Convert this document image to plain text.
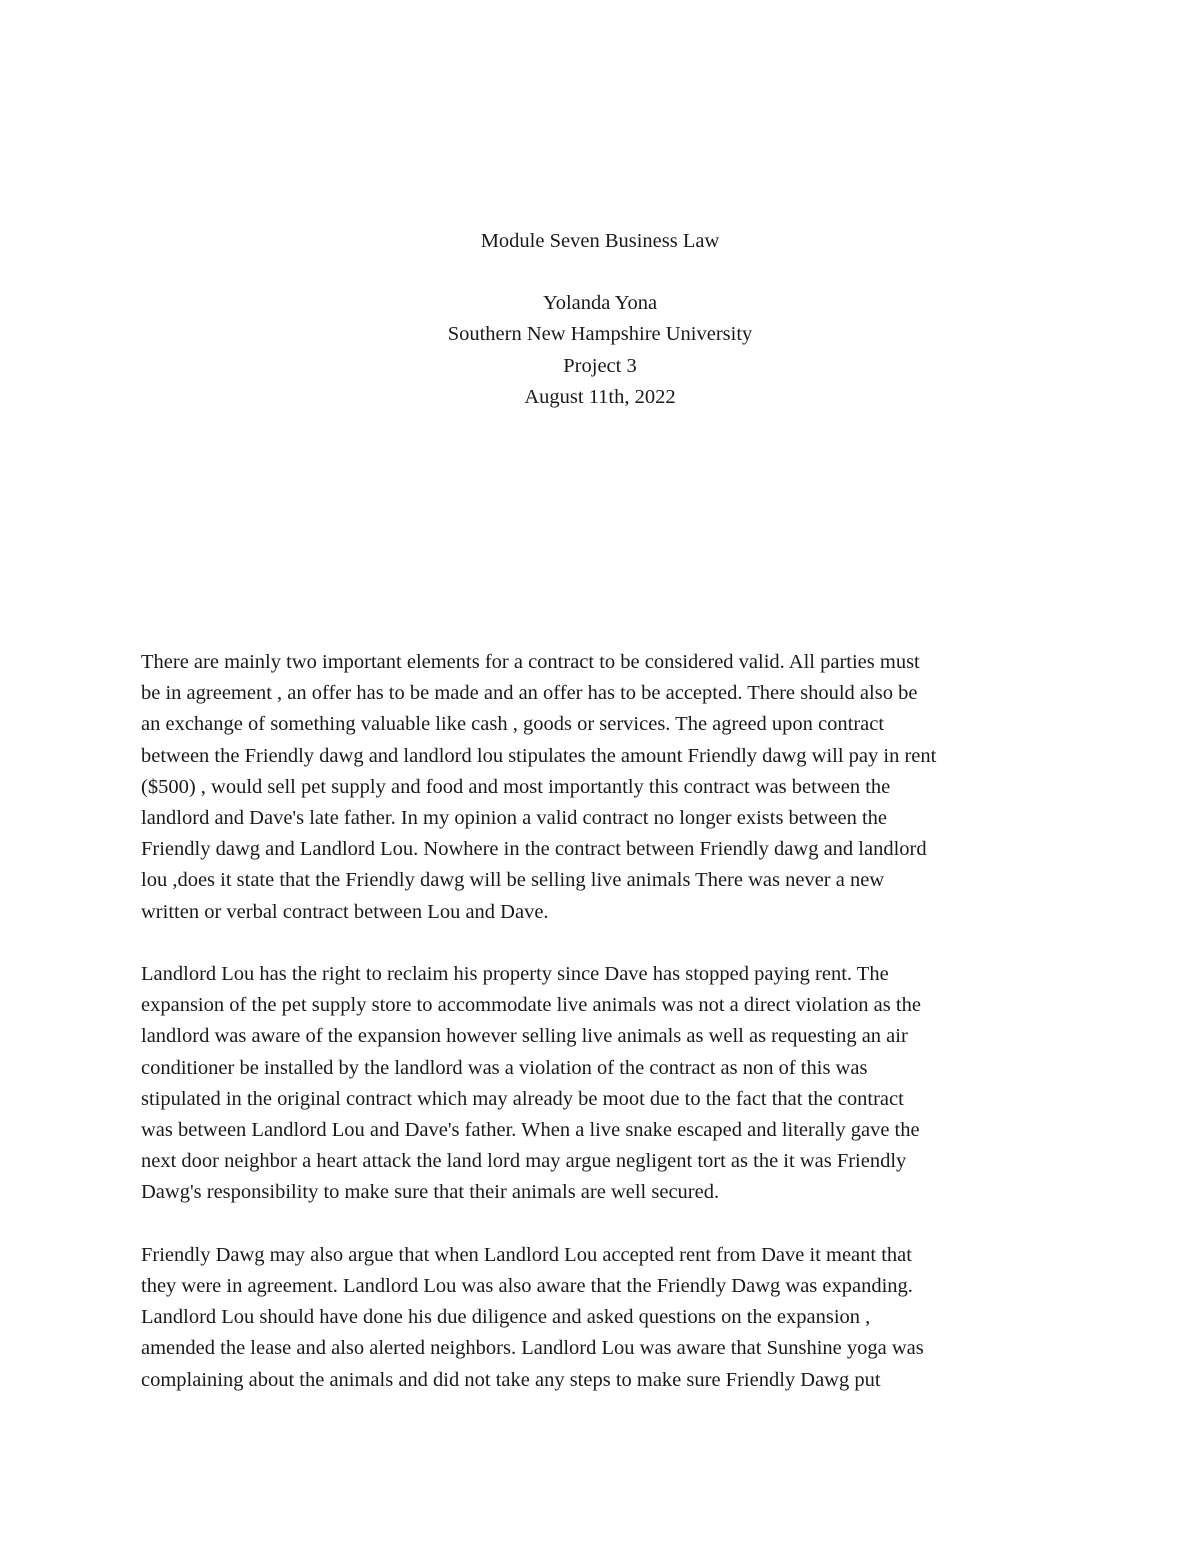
Module Seven Business Law
Yolanda Yona
Southern New Hampshire University
Project 3
August 11th, 2022

There are mainly two important elements for a contract to be considered valid. All parties must
be in agreement , an offer has to be made and an offer has to be accepted. There should also be
an exchange of something valuable like cash , goods or services. The agreed upon contract
between the Friendly dawg and landlord lou stipulates the amount Friendly dawg will pay in rent
($500) , would sell pet supply and food and most importantly this contract was between the
landlord and Dave's late father. In my opinion a valid contract no longer exists between the
Friendly dawg and Landlord Lou. Nowhere in the contract between Friendly dawg and landlord
lou ,does it state that the Friendly dawg will be selling live animals There was never a new
written or verbal contract between Lou and Dave.

Landlord Lou has the right to reclaim his property since Dave has stopped paying rent. The
expansion of the pet supply store to accommodate live animals was not a direct violation as the
landlord was aware of the expansion however selling live animals as well as requesting an air
conditioner be installed by the landlord was a violation of the contract as non of this was
stipulated in the original contract which may already be moot due to the fact that the contract
was between Landlord Lou and Dave's father. When a live snake escaped and literally gave the
next door neighbor a heart attack the land lord may argue negligent tort as the it was Friendly
Dawg's responsibility to make sure that their animals are well secured.

Friendly Dawg may also argue that when Landlord Lou accepted rent from Dave it meant that
they were in agreement. Landlord Lou was also aware that the Friendly Dawg was expanding.
Landlord Lou should have done his due diligence and asked questions on the expansion ,
amended the lease and also alerted neighbors. Landlord Lou was aware that Sunshine yoga was
complaining about the animals and did not take any steps to make sure Friendly Dawg put
